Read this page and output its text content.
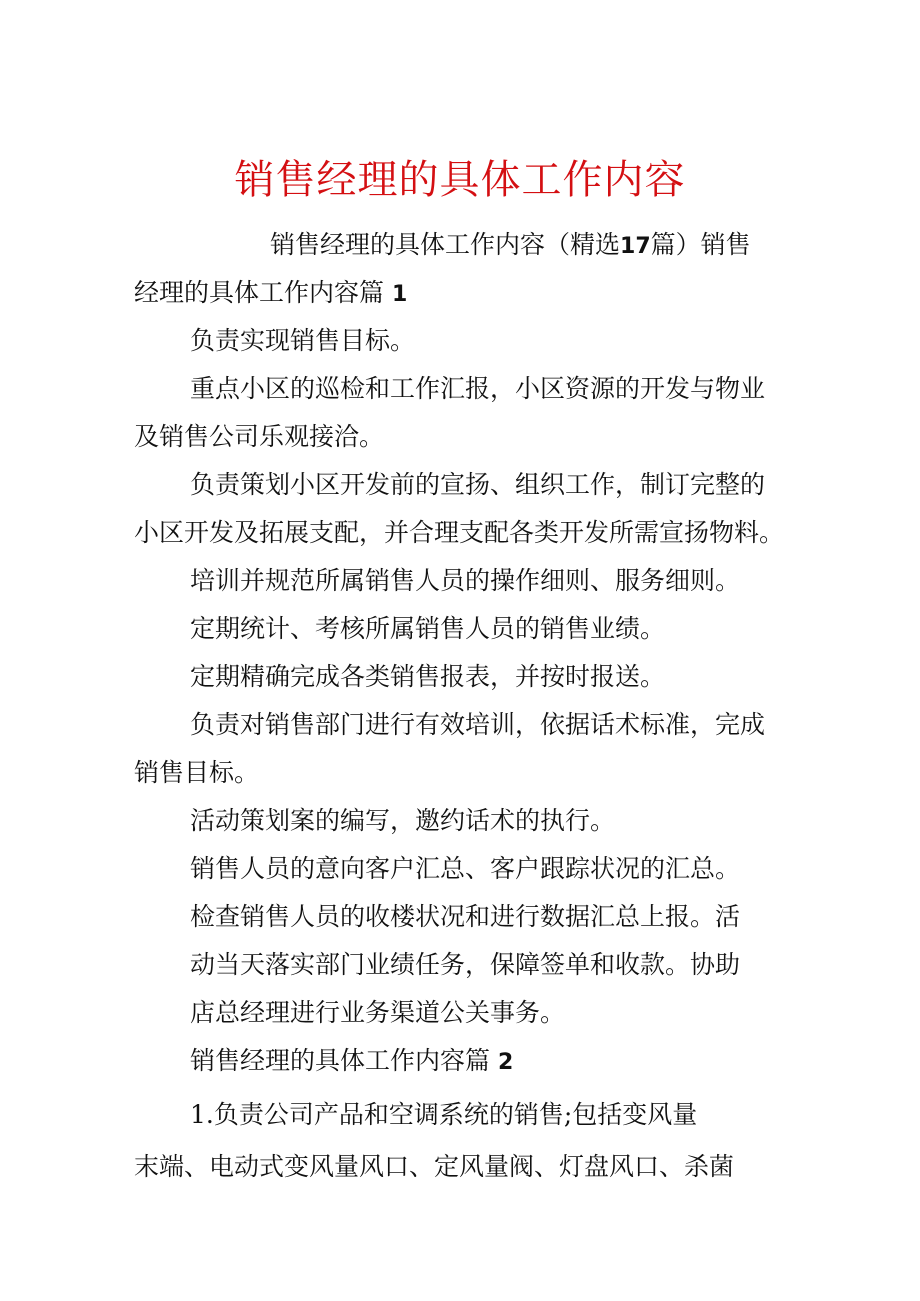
销售经理的具体工作内容
销售经理的具体工作内容（精选17篇）销售
经理的具体工作内容篇 1
负责实现销售目标。
重点小区的巡检和工作汇报，小区资源的开发与物业
及销售公司乐观接洽。
负责策划小区开发前的宣扬、组织工作，制订完整的
小区开发及拓展支配，并合理支配各类开发所需宣扬物料。
培训并规范所属销售人员的操作细则、服务细则。
定期统计、考核所属销售人员的销售业绩。
定期精确完成各类销售报表，并按时报送。
负责对销售部门进行有效培训，依据话术标准，完成
销售目标。
活动策划案的编写，邀约话术的执行。
销售人员的意向客户汇总、客户跟踪状况的汇总。
检查销售人员的收楼状况和进行数据汇总上报。活
动当天落实部门业绩任务，保障签单和收款。协助
店总经理进行业务渠道公关事务。
销售经理的具体工作内容篇 2
1.负责公司产品和空调系统的销售;包括变风量
末端、电动式变风量风口、定风量阀、灯盘风口、杀菌
